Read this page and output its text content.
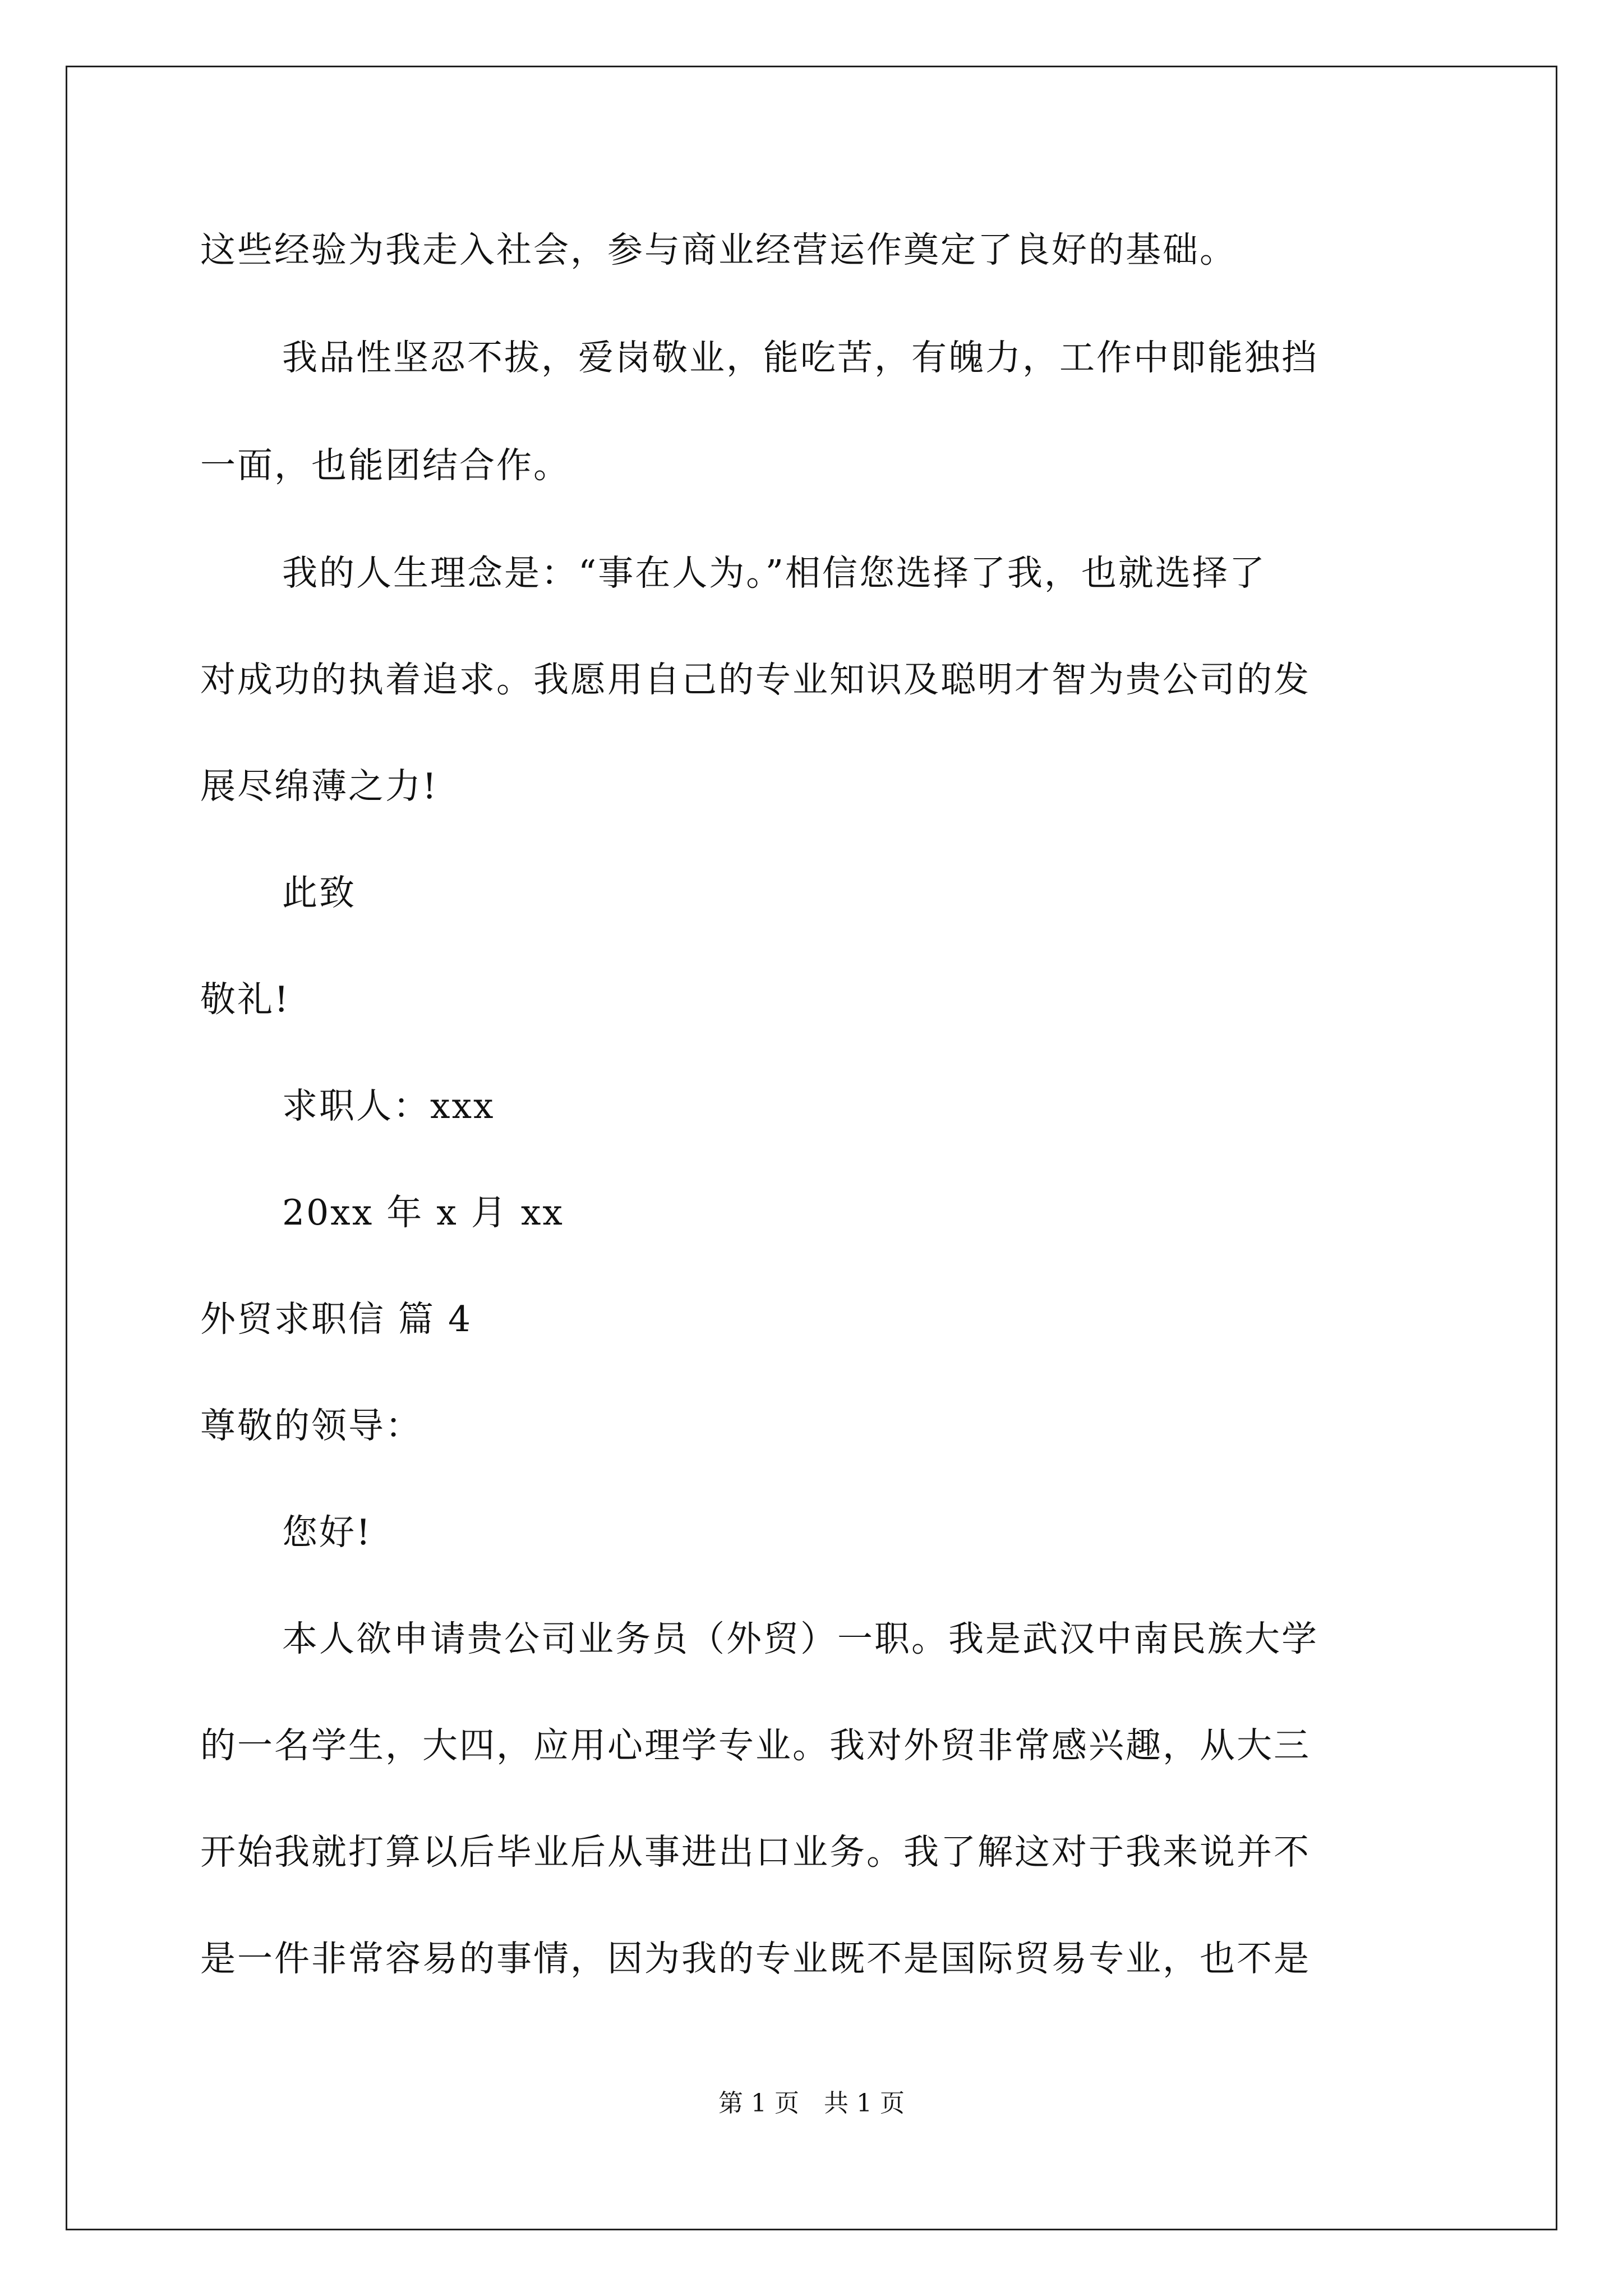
这些经验为我走入社会，参与商业经营运作奠定了良好的基础。
我品性坚忍不拔，爱岗敬业，能吃苦，有魄力，工作中即能独挡
一面，也能团结合作。
我的人生理念是：“事在人为。”相信您选择了我，也就选择了
对成功的执着追求。我愿用自己的专业知识及聪明才智为贵公司的发
展尽绵薄之力!
此致
敬礼!
求职人：xxx
20xx 年 x 月 xx
外贸求职信 篇 4
尊敬的领导：
您好!
本人欲申请贵公司业务员（外贸）一职。我是武汉中南民族大学
的一名学生，大四，应用心理学专业。我对外贸非常感兴趣，从大三
开始我就打算以后毕业后从事进出口业务。我了解这对于我来说并不
是一件非常容易的事情，因为我的专业既不是国际贸易专业，也不是
第 1 页 共 1 页
